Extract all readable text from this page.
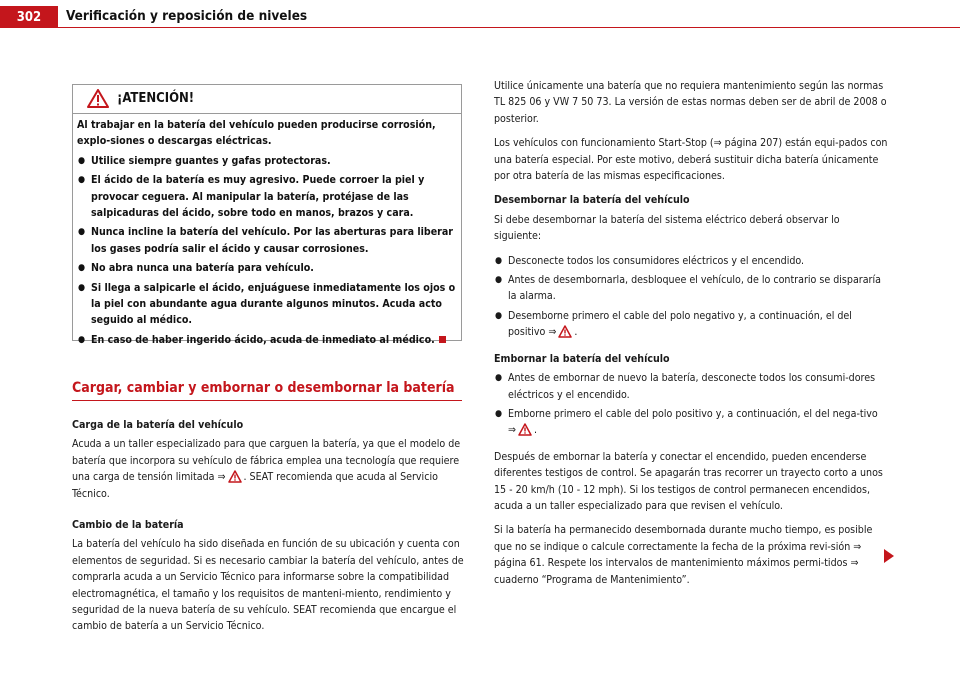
302	Verificación y reposición de niveles
¡ATENCIÓN!

Al trabajar en la batería del vehículo pueden producirse corrosión, explo-siones o descargas eléctricas.

● Utilice siempre guantes y gafas protectoras.

● El ácido de la batería es muy agresivo. Puede corroer la piel y provocar ceguera. Al manipular la batería, protéjase de las salpicaduras del ácido, sobre todo en manos, brazos y cara.

● Nunca incline la batería del vehículo. Por las aberturas para liberar los gases podría salir el ácido y causar corrosiones.

● No abra nunca una batería para vehículo.

● Si llega a salpicarle el ácido, enjuáguese inmediatamente los ojos o la piel con abundante agua durante algunos minutos. Acuda acto seguido al médico.

● En caso de haber ingerido ácido, acuda de inmediato al médico.

Cargar, cambiar y embornar o desembornar la batería
Carga de la batería del vehículo

Acuda a un taller especializado para que carguen la batería, ya que el modelo de batería que incorpora su vehículo de fábrica emplea una tecnología que requiere una carga de tensión limitada ⇒ . SEAT recomienda que acuda al Servicio Técnico.

Cambio de la batería

La batería del vehículo ha sido diseñada en función de su ubicación y cuenta con elementos de seguridad. Si es necesario cambiar la batería del vehículo, antes de comprarla acuda a un Servicio Técnico para informarse sobre la compatibilidad electromagnética, el tamaño y los requisitos de manteni-miento, rendimiento y seguridad de la nueva batería de su vehículo. SEAT recomienda que encargue el cambio de batería a un Servicio Técnico.

Utilice únicamente una batería que no requiera mantenimiento según las normas TL 825 06 y VW 7 50 73. La versión de estas normas deben ser de abril de 2008 o posterior.

Los vehículos con funcionamiento Start-Stop (⇒ página 207) están equi-pados con una batería especial. Por este motivo, deberá sustituir dicha batería únicamente por otra batería de las mismas especificaciones.

Desembornar la batería del vehículo

Si debe desembornar la batería del sistema eléctrico deberá observar lo siguiente:

● Desconecte todos los consumidores eléctricos y el encendido.
● Antes de desembornarla, desbloquee el vehículo, de lo contrario se dispararía la alarma.
● Desemborne primero el cable del polo negativo y, a continuación, el del positivo ⇒ .
Embornar la batería del vehículo
● Antes de embornar de nuevo la batería, desconecte todos los consumi-dores eléctricos y el encendido.
● Emborne primero el cable del polo positivo y, a continuación, el del nega-tivo ⇒ .

Después de embornar la batería y conectar el encendido, pueden encenderse diferentes testigos de control. Se apagarán tras recorrer un trayecto corto a unos 15 - 20 km/h (10 - 12 mph). Si los testigos de control permanecen encendidos, acuda a un taller especializado para que revisen el vehículo.

Si la batería ha permanecido desembornada durante mucho tiempo, es posible que no se indique o calcule correctamente la fecha de la próxima revi-sión ⇒ página 61. Respete los intervalos de mantenimiento máximos permi-tidos ⇒ cuaderno “Programa de Mantenimiento”.
